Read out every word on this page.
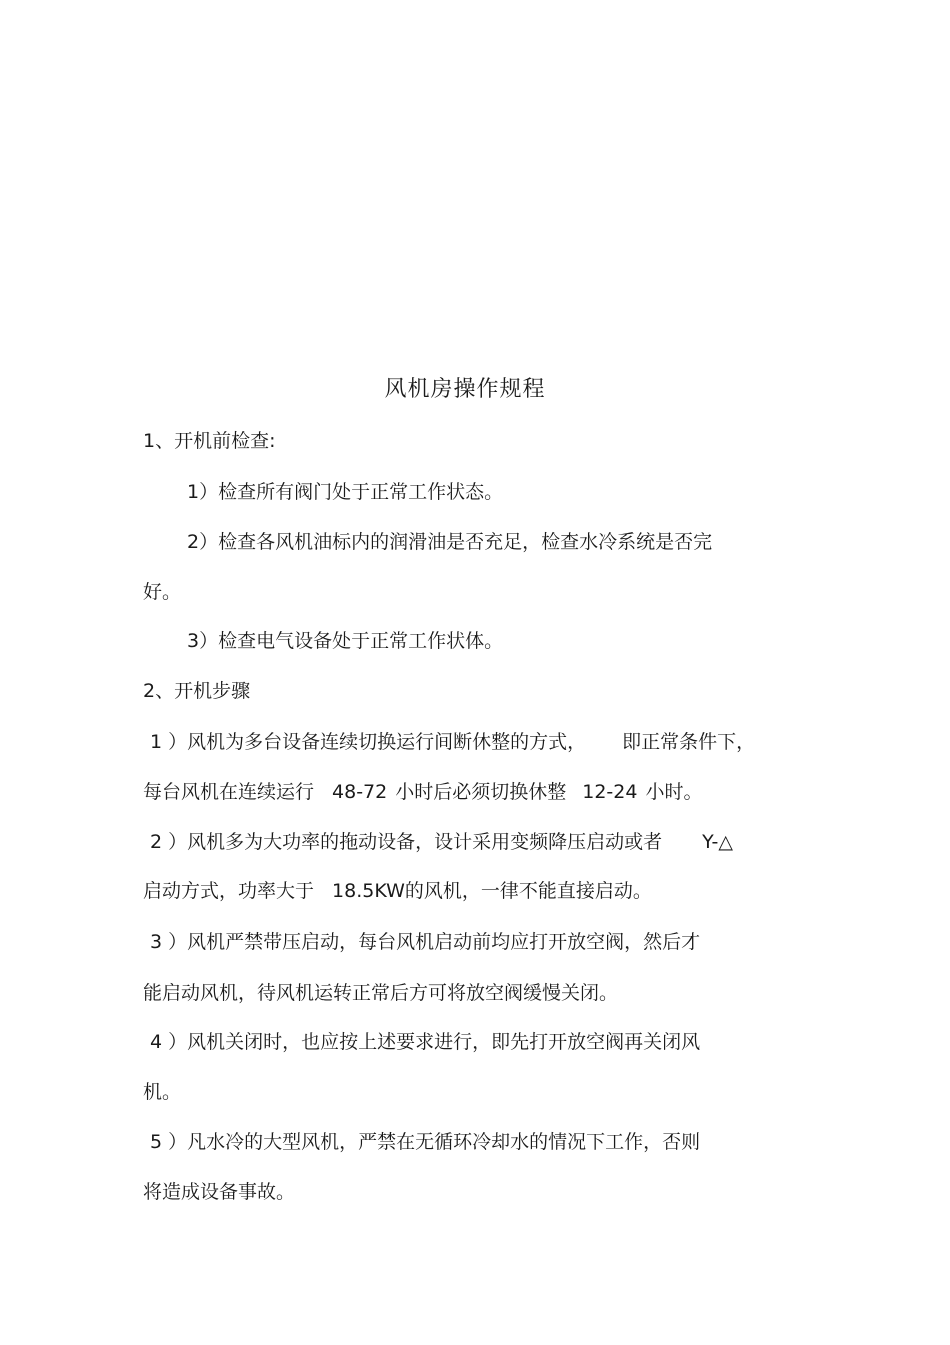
风机房操作规程
1、开机前检查:
1）检查所有阀门处于正常工作状态。
2）检查各风机油标内的润滑油是否充足，检查水冷系统是否完
好。
3）检查电气设备处于正常工作状体。
2、开机步骤
1 ）风机为多台设备连续切换运行间断休整的方式， 即正常条件下，
每台风机在连续运行 48-72 小时后必须切换休整 12-24 小时。
2 ）风机多为大功率的拖动设备，设计采用变频降压启动或者 Y-△
启动方式，功率大于 18.5KW的风机，一律不能直接启动。
3 ）风机严禁带压启动，每台风机启动前均应打开放空阀，然后才
能启动风机，待风机运转正常后方可将放空阀缓慢关闭。
4 ）风机关闭时，也应按上述要求进行，即先打开放空阀再关闭风
机。
5 ）凡水冷的大型风机，严禁在无循环冷却水的情况下工作，否则
将造成设备事故。
